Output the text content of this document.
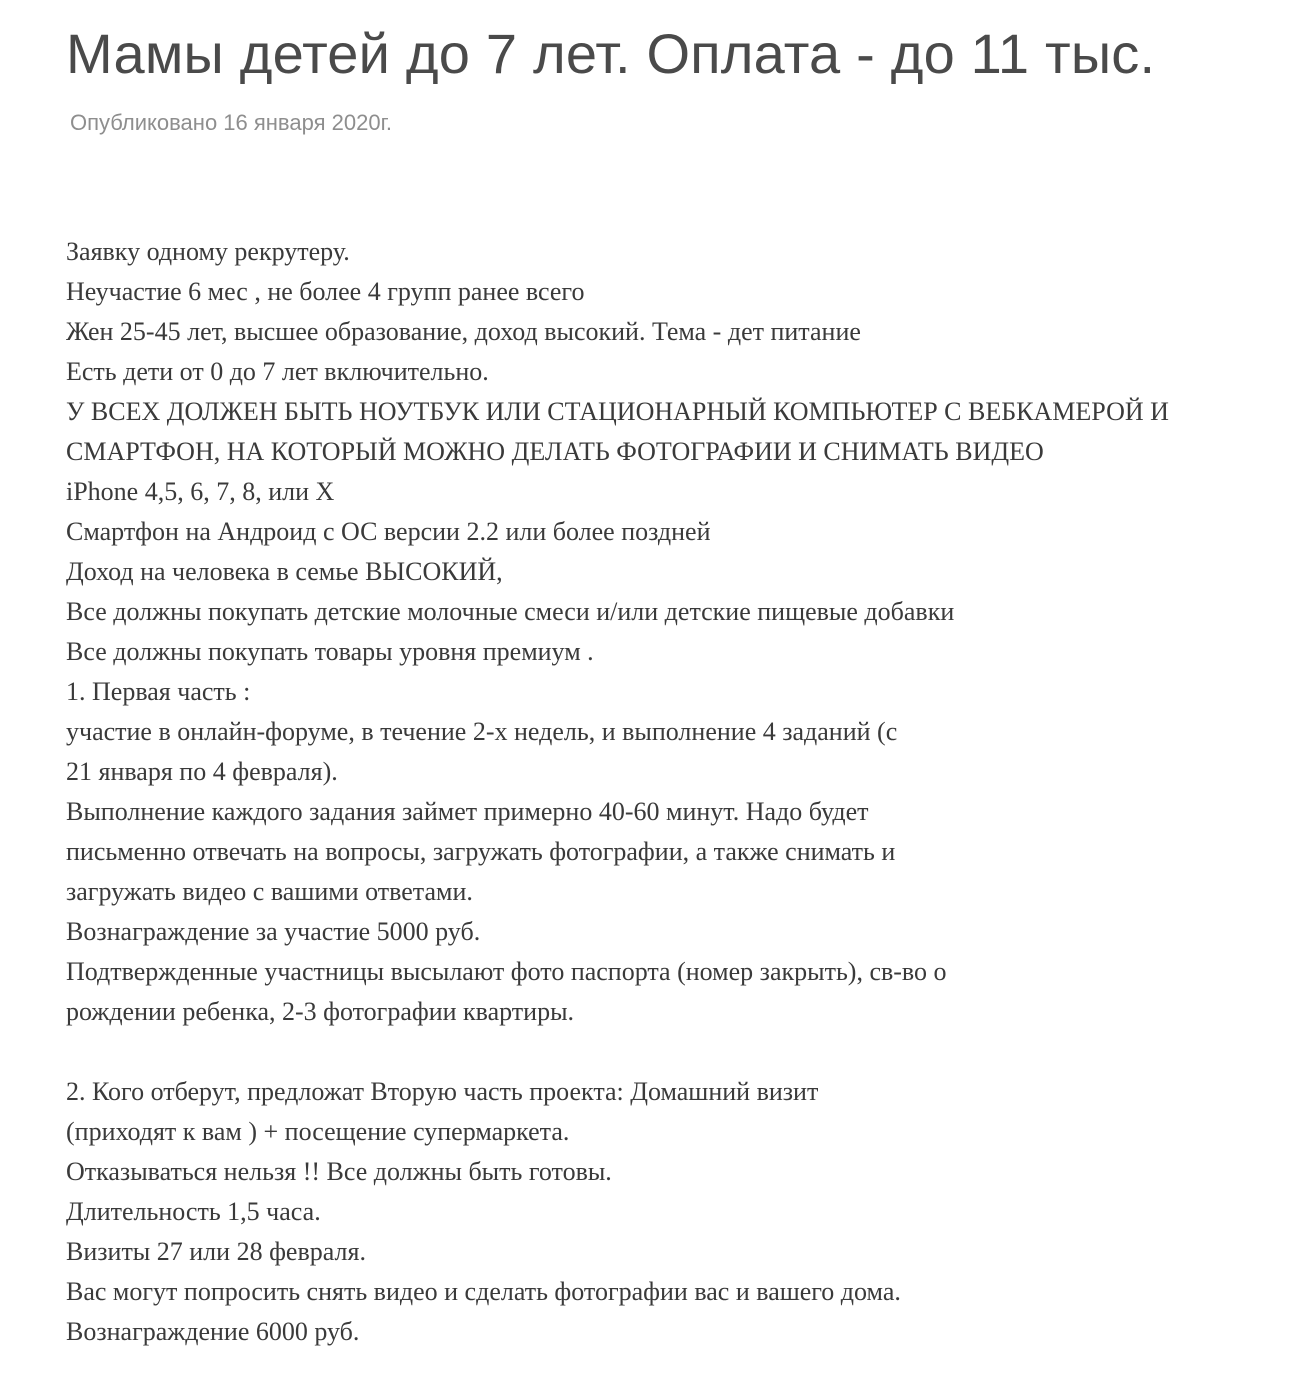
Мамы детей до 7 лет. Оплата - до 11 тыс.

Опубликовано 16 января 2020г.

Заявку одному рекрутеру.
Неучастие 6 мес , не более 4 групп ранее всего
Жен 25-45 лет, высшее образование, доход высокий. Тема - дет питание
Есть дети от 0 до 7 лет включительно.
У ВСЕХ ДОЛЖЕН БЫТЬ НОУТБУК ИЛИ СТАЦИОНАРНЫЙ КОМПЬЮТЕР С ВЕБКАМЕРОЙ И
СМАРТФОН, НА КОТОРЫЙ МОЖНО ДЕЛАТЬ ФОТОГРАФИИ И СНИМАТЬ ВИДЕО
iPhone 4,5, 6, 7, 8, или X
Смартфон на Андроид с ОС версии 2.2 или более поздней
Доход на человека в семье ВЫСОКИЙ,
Все должны покупать детские молочные смеси и/или детские пищевые добавки
Все должны покупать товары уровня премиум .
1. Первая часть :
участие в онлайн-форуме, в течение 2-х недель, и выполнение 4 заданий (с
21 января по 4 февраля).
Выполнение каждого задания займет примерно 40-60 минут. Надо будет
письменно отвечать на вопросы, загружать фотографии, а также снимать и
загружать видео с вашими ответами.
Вознаграждение за участие 5000 руб.
Подтвержденные участницы высылают фото паспорта (номер закрыть), св-во о
рождении ребенка, 2-3 фотографии квартиры.
2. Кого отберут, предложат Вторую часть проекта: Домашний визит
(приходят к вам ) + посещение супермаркета.
Отказываться нельзя !! Все должны быть готовы.
Длительность 1,5 часа.
Визиты 27 или 28 февраля.
Вас могут попросить снять видео и сделать фотографии вас и вашего дома.
Вознаграждение 6000 руб.
